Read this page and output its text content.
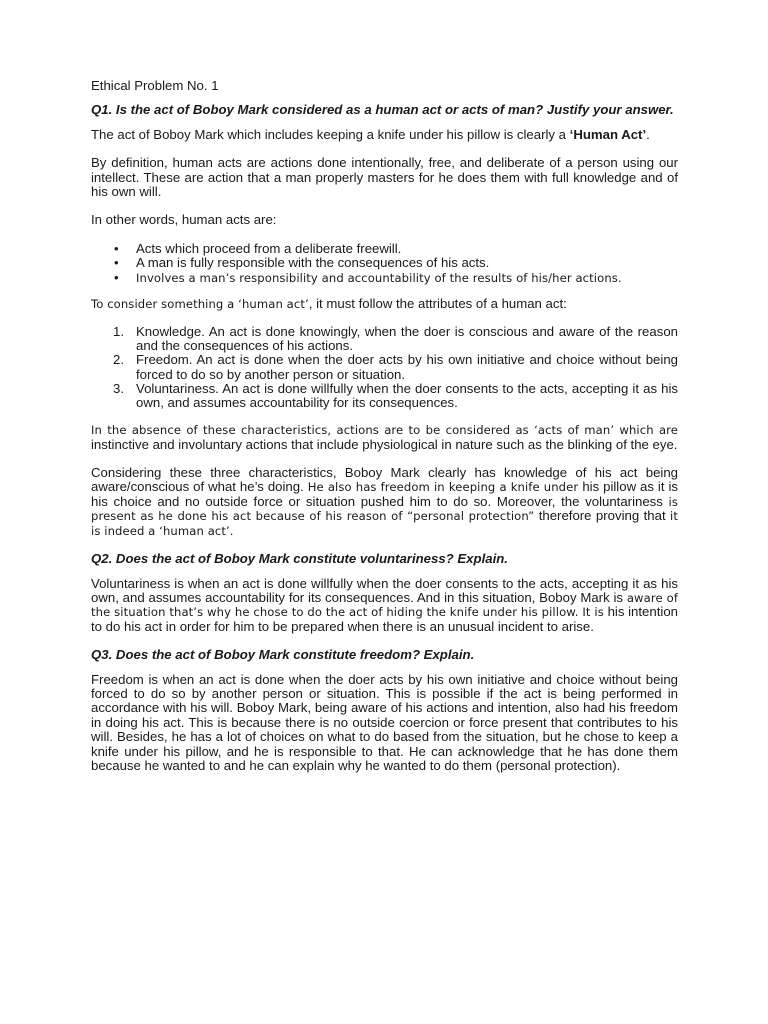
Ethical Problem No. 1

Q1. Is the act of Boboy Mark considered as a human act or acts of man? Justify your answer.

The act of Boboy Mark which includes keeping a knife under his pillow is clearly a ‘Human Act’.

By definition, human acts are actions done intentionally, free, and deliberate of a person using our intellect. These are action that a man properly masters for he does them with full knowledge and of his own will.

In other words, human acts are:

• Acts which proceed from a deliberate freewill.
• A man is fully responsible with the consequences of his acts.
• Involves a man’s responsibility and accountability of the results of his/her actions.

To consider something a ‘human act’, it must follow the attributes of a human act:

1. Knowledge. An act is done knowingly, when the doer is conscious and aware of the reason and the consequences of his actions.
2. Freedom. An act is done when the doer acts by his own initiative and choice without being forced to do so by another person or situation.
3. Voluntariness. An act is done willfully when the doer consents to the acts, accepting it as his own, and assumes accountability for its consequences.

In the absence of these characteristics, actions are to be considered as ‘acts of man’ which are instinctive and involuntary actions that include physiological in nature such as the blinking of the eye.

Considering these three characteristics, Boboy Mark clearly has knowledge of his act being aware/conscious of what he’s doing. He also has freedom in keeping a knife under his pillow as it is his choice and no outside force or situation pushed him to do so. Moreover, the voluntariness is present as he done his act because of his reason of “personal protection” therefore proving that it is indeed a ‘human act’.

Q2. Does the act of Boboy Mark constitute voluntariness? Explain.

Voluntariness is when an act is done willfully when the doer consents to the acts, accepting it as his own, and assumes accountability for its consequences. And in this situation, Boboy Mark is aware of the situation that’s why he chose to do the act of hiding the knife under his pillow. It is his intention to do his act in order for him to be prepared when there is an unusual incident to arise.

Q3. Does the act of Boboy Mark constitute freedom? Explain.

Freedom is when an act is done when the doer acts by his own initiative and choice without being forced to do so by another person or situation. This is possible if the act is being performed in accordance with his will. Boboy Mark, being aware of his actions and intention, also had his freedom in doing his act. This is because there is no outside coercion or force present that contributes to his will. Besides, he has a lot of choices on what to do based from the situation, but he chose to keep a knife under his pillow, and he is responsible to that. He can acknowledge that he has done them because he wanted to and he can explain why he wanted to do them (personal protection).
